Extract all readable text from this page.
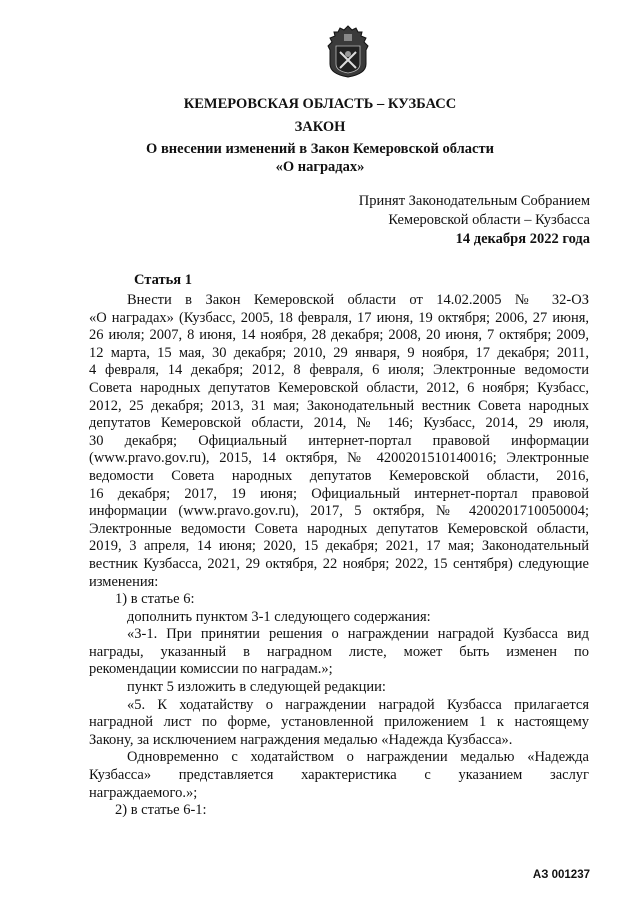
КЕМЕРОВСКАЯ ОБЛАСТЬ – КУЗБАСС
ЗАКОН
О внесении изменений в Закон Кемеровской области
«О наградах»
Принят Законодательным Собранием
Кемеровской области – Кузбасса
14 декабря 2022 года
Статья 1

Внести в Закон Кемеровской области от 14.02.2005 № 32-ОЗ

«О наградах» (Кузбасс, 2005, 18 февраля, 17 июня, 19 октября; 2006, 27 июня,

26 июля; 2007, 8 июня, 14 ноября, 28 декабря; 2008, 20 июня, 7 октября; 2009,

12 марта, 15 мая, 30 декабря; 2010, 29 января, 9 ноября, 17 декабря; 2011,

4 февраля, 14 декабря; 2012, 8 февраля, 6 июля; Электронные ведомости

Совета народных депутатов Кемеровской области, 2012, 6 ноября; Кузбасс,

2012, 25 декабря; 2013, 31 мая; Законодательный вестник Совета народных

депутатов Кемеровской области, 2014, № 146; Кузбасс, 2014, 29 июля,

30 декабря; Официальный интернет-портал правовой информации

(www.pravo.gov.ru), 2015, 14 октября, № 4200201510140016; Электронные

ведомости Совета народных депутатов Кемеровской области, 2016,

16 декабря; 2017, 19 июня; Официальный интернет-портал правовой

информации (www.pravo.gov.ru), 2017, 5 октября, № 4200201710050004;

Электронные ведомости Совета народных депутатов Кемеровской области,

2019, 3 апреля, 14 июня; 2020, 15 декабря; 2021, 17 мая; Законодательный

вестник Кузбасса, 2021, 29 октября, 22 ноября; 2022, 15 сентября) следующие

изменения:

1) в статье 6:

дополнить пунктом 3-1 следующего содержания:

«3-1. При принятии решения о награждении наградой Кузбасса вид

награды, указанный в наградном листе, может быть изменен по

рекомендации комиссии по наградам.»;

пункт 5 изложить в следующей редакции:

«5. К ходатайству о награждении наградой Кузбасса прилагается

наградной лист по форме, установленной приложением 1 к настоящему

Закону, за исключением награждения медалью «Надежда Кузбасса».

Одновременно с ходатайством о награждении медалью «Надежда

Кузбасса» представляется характеристика с указанием заслуг

награждаемого.»;

2) в статье 6-1:

АЗ 001237
